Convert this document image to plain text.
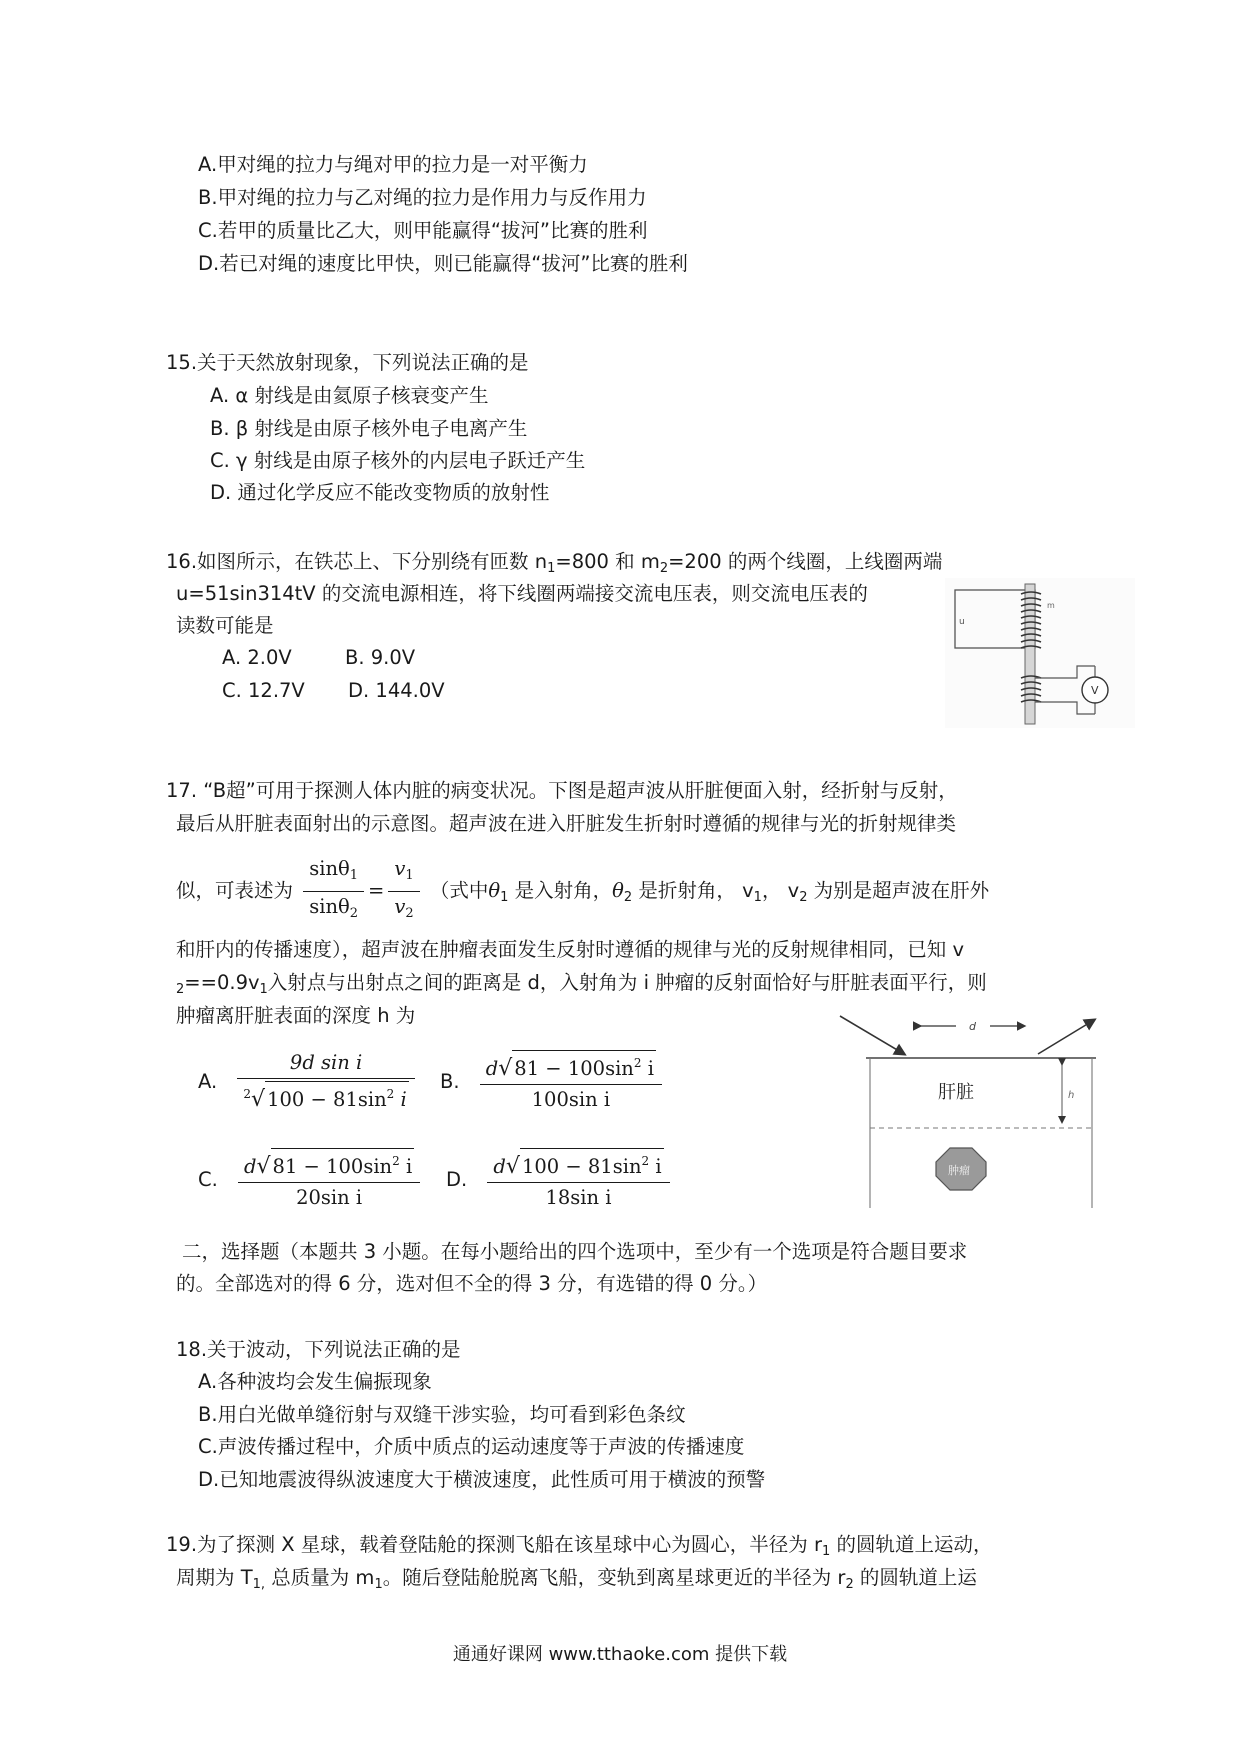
A.甲对绳的拉力与绳对甲的拉力是一对平衡力
B.甲对绳的拉力与乙对绳的拉力是作用力与反作用力
C.若甲的质量比乙大，则甲能赢得“拔河”比赛的胜利
D.若已对绳的速度比甲快，则已能赢得“拔河”比赛的胜利
15.关于天然放射现象，下列说法正确的是
A. α 射线是由氦原子核衰变产生
B. β 射线是由原子核外电子电离产生
C. γ 射线是由原子核外的内层电子跃迁产生
D. 通过化学反应不能改变物质的放射性
16.如图所示，在铁芯上、下分别绕有匝数 $n_1=800$ 和 $m_2=200$ 的两个线圈，上线圈两端
u=51sin314tV 的交流电源相连，将下线圈两端接交流电压表，则交流电压表的
读数可能是
A. 2.0V	B. 9.0V
C. 12.7V D. 144.0V
u
m
V
17. “B超”可用于探测人体内脏的病变状况。下图是超声波从肝脏便面入射，经折射与反射，
最后从肝脏表面射出的示意图。超声波在进入肝脏发生折射时遵循的规律与光的折射规律类
似，可表述为 $\frac{\sin\theta_1}{\sin\theta_2} = \frac{v_1}{v_2}$ （式中$\theta_1$ 是入射角，$\theta_2$ 是折射角， $v_1$， $v_2$ 为别是超声波在肝外
和肝内的传播速度），超声波在肿瘤表面发生反射时遵循的规律与光的反射规律相同，已知 v
$_2==0.9v_1$入射点与出射点之间的距离是 d，入射角为 i 肿瘤的反射面恰好与肝脏表面平行，则
肿瘤离肝脏表面的深度 h 为
A. $\frac{\text{9d sin i}}{^2√ 100 - 81\sin^2 i} B$. $\frac{d√ 81 - 100\sin^2 i}{\text{100sin i}}$
C. $\frac{d√ 81 - 100\sin^2 i}{\text{20sin i}} D$. $\frac{d√ 100 - 81\sin^2 i}{\text{18sin i}}$
d
h
肝脏
肿瘤
二，选择题（本题共 3 小题。在每小题给出的四个选项中，至少有一个选项是符合题目要求
的。全部选对的得 6 分，选对但不全的得 3 分，有选错的得 0 分。）
18.关于波动，下列说法正确的是
A.各种波均会发生偏振现象
B.用白光做单缝衍射与双缝干涉实验，均可看到彩色条纹
C.声波传播过程中，介质中质点的运动速度等于声波的传播速度
D.已知地震波得纵波速度大于横波速度，此性质可用于横波的预警
19.为了探测 X 星球，载着登陆舱的探测飞船在该星球中心为圆心，半径为 $r_1$ 的圆轨道上运动，
周期为 $T_{1,}$ 总质量为 $m_1$。随后登陆舱脱离飞船，变轨到离星球更近的半径为 $r_2$ 的圆轨道上运
通通好课网 www.tthaoke.com 提供下载
